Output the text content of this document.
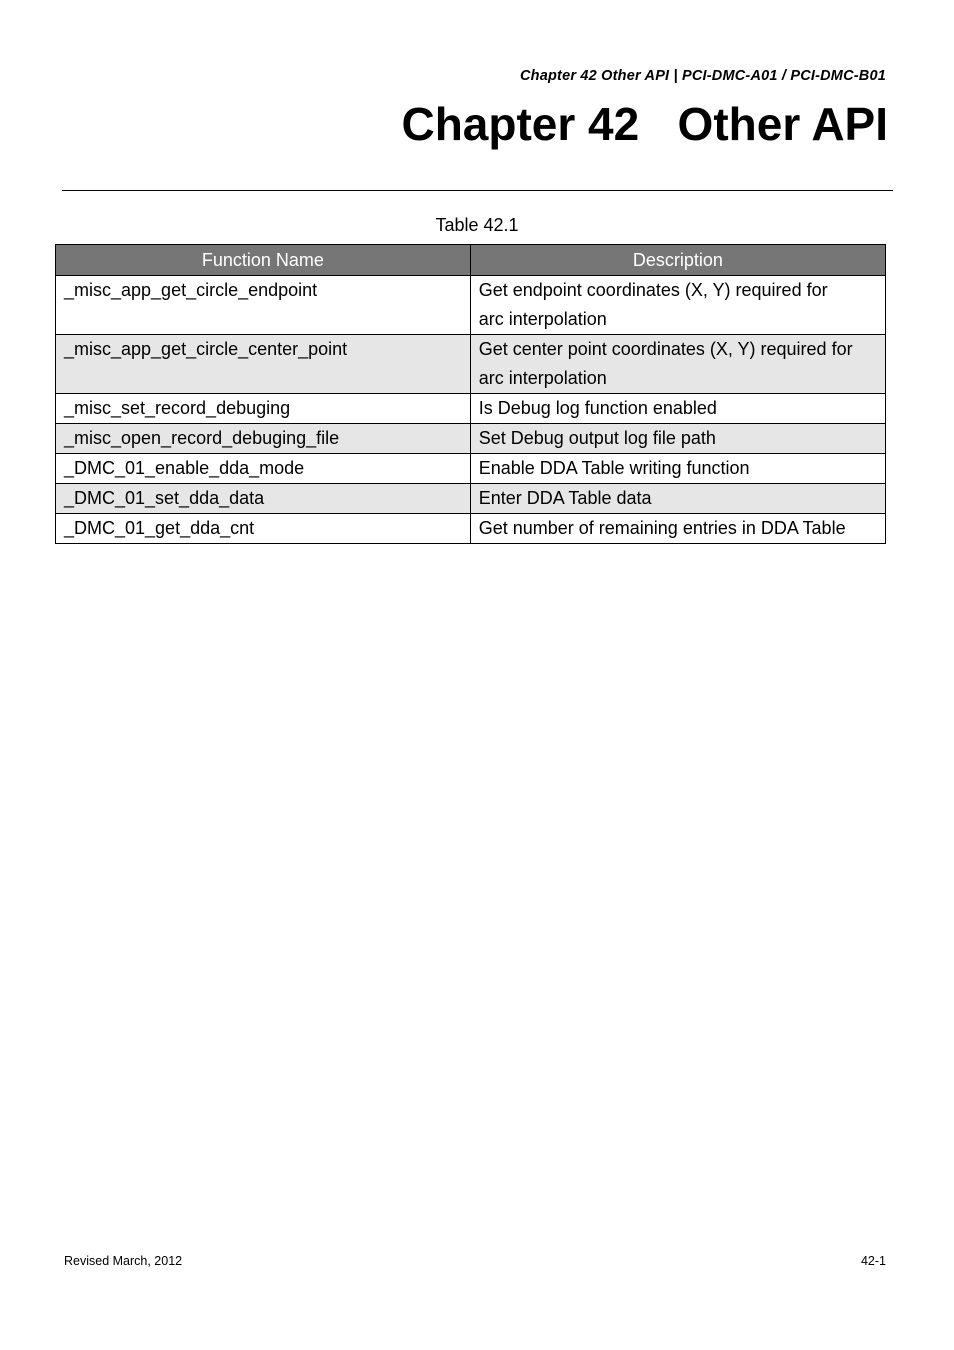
Chapter 42 Other API | PCI-DMC-A01 / PCI-DMC-B01
Chapter 42   Other API
Table 42.1
Function Name	Description
_misc_app_get_circle_endpoint	Get endpoint coordinates (X, Y) required for
arc interpolation
_misc_app_get_circle_center_point	Get center point coordinates (X, Y) required for
arc interpolation
_misc_set_record_debuging	Is Debug log function enabled
_misc_open_record_debuging_file	Set Debug output log file path
_DMC_01_enable_dda_mode	Enable DDA Table writing function
_DMC_01_set_dda_data	Enter DDA Table data
_DMC_01_get_dda_cnt	Get number of remaining entries in DDA Table
Revised March, 2012	42-1
